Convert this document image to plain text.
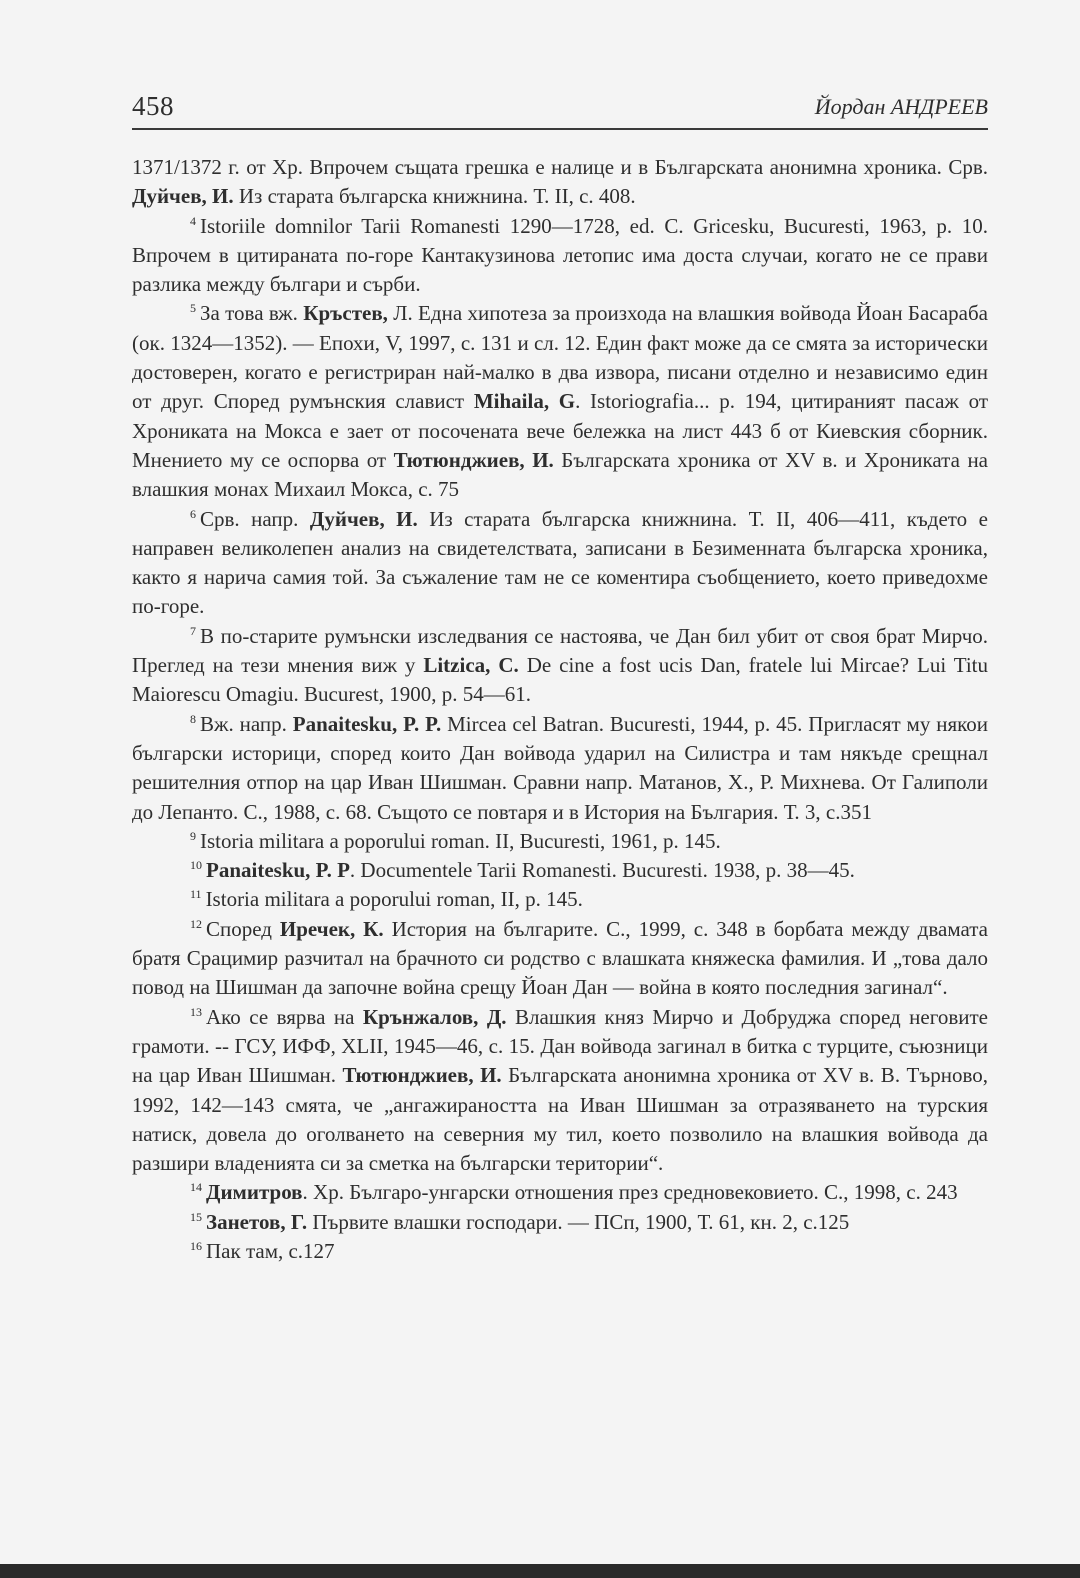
458	Йордан АНДРЕЕВ

1371/1372 г. от Хр. Впрочем същата грешка е налице и в Българската анонимна хроника. Срв. Дуйчев, И. Из старата българска книжнина. Т. II, с. 408.

$^4$ Istoriile domnilor Tarii Romanesti 1290—1728, ed. C. Gricesku, Bucuresti, 1963, p. 10. Впрочем в цитираната по-горе Кантакузинова летопис има доста случаи, когато не се прави разлика между българи и сърби.

$^5$ За това вж. Кръстев, Л. Една хипотеза за произхода на влашкия войвода Йоан Басараба (ок. 1324—1352). — Епохи, V, 1997, с. 131 и сл. 12. Един факт може да се смята за исторически достоверен, когато е регистриран най-малко в два извора, писани отделно и независимо един от друг. Според румънския славист Mihaila, G. Istoriografia... p. 194, цитираният пасаж от Хрониката на Мокса е зает от посочената вече бележка на лист 443 б от Киевския сборник. Мнението му се оспорва от Тютюнджиев, И. Българската хроника от XV в. и Хрониката на влашкия монах Михаил Мокса, с. 75

$^6$ Срв. напр. Дуйчев, И. Из старата българска книжнина. Т. II, 406—411, където е направен великолепен анализ на свидетелствата, записани в Безименната българска хроника, както я нарича самия той. За съжаление там не се коментира съобщението, което приведохме по-горе.

$^7$ В по-старите румънски изследвания се настоява, че Дан бил убит от своя брат Мирчо. Преглед на тези мнения виж у Litzica, C. De cine a fost ucis Dan, fratele lui Mircae? Lui Titu Maiorescu Omagiu. Bucurest, 1900, p. 54—61.

$^8$ Вж. напр. Panaitesku, P. P. Mircea cel Batran. Bucuresti, 1944, p. 45. Пригласят му някои български историци, според които Дан войвода ударил на Силистра и там някъде срещнал решителния отпор на цар Иван Шишман. Сравни напр. Матанов, Х., Р. Михнева. От Галиполи до Лепанто. С., 1988, с. 68. Същото се повтаря и в История на България. Т. 3, с.351

$^9$ Istoria militara a poporului roman. II, Bucuresti, 1961, p. 145.

$^{10}$ Panaitesku, P. P. Documentele Tarii Romanesti. Bucuresti. 1938, p. 38—45.

$^{11}$ Istoria militara a poporului roman, II, p. 145.

$^{12}$ Според Иречек, К. История на българите. С., 1999, с. 348 в борбата между двамата братя Срацимир разчитал на брачното си родство с влашката княжеска фамилия. И „това дало повод на Шишман да започне война срещу Йоан Дан — война в която последния загинал“.

$^{13}$ Ако се вярва на Крънжалов, Д. Влашкия княз Мирчо и Добруджа според неговите грамоти. -- ГСУ, ИФФ, XLII, 1945—46, с. 15. Дан войвода загинал в битка с турците, съюзници на цар Иван Шишман. Тютюнджиев, И. Българската анонимна хроника от XV в. В. Търново, 1992, 142—143 смята, че „ангажираността на Иван Шишман за отразяването на турския натиск, довела до оголването на северния му тил, което позволило на влашкия войвода да разшири владенията си за сметка на български територии“.

$^{14}$ Димитров. Хр. Българо-унгарски отношения през средновековието. С., 1998, с. 243

$^{15}$ Занетов, Г. Първите влашки господари. — ПСп, 1900, Т. 61, кн. 2, с.125

$^{16}$ Пак там, с.127
